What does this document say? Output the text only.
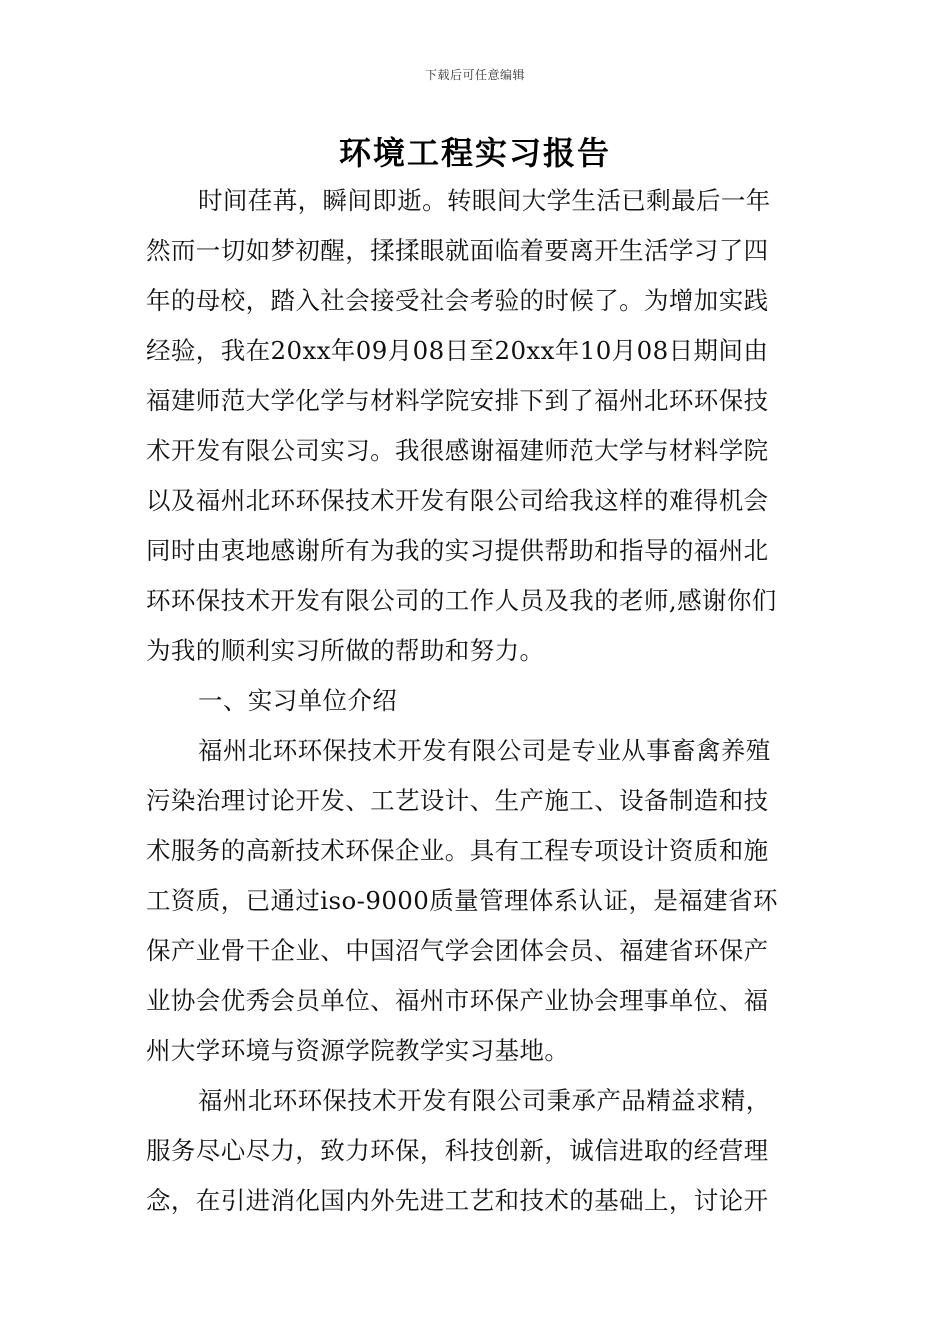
下载后可任意编辑
环境工程实习报告
时间荏苒，瞬间即逝。转眼间大学生活已剩最后一年
然而一切如梦初醒，揉揉眼就面临着要离开生活学习了四
年的母校，踏入社会接受社会考验的时候了。为增加实践
经验，我在20xx年09月08日至20xx年10月08日期间由
福建师范大学化学与材料学院安排下到了福州北环环保技
术开发有限公司实习。我很感谢福建师范大学与材料学院
以及福州北环环保技术开发有限公司给我这样的难得机会
同时由衷地感谢所有为我的实习提供帮助和指导的福州北
环环保技术开发有限公司的工作人员及我的老师,感谢你们
为我的顺利实习所做的帮助和努力。
一、实习单位介绍
福州北环环保技术开发有限公司是专业从事畜禽养殖
污染治理讨论开发、工艺设计、生产施工、设备制造和技
术服务的高新技术环保企业。具有工程专项设计资质和施
工资质，已通过iso-9000质量管理体系认证，是福建省环
保产业骨干企业、中国沼气学会团体会员、福建省环保产
业协会优秀会员单位、福州市环保产业协会理事单位、福
州大学环境与资源学院教学实习基地。
福州北环环保技术开发有限公司秉承产品精益求精，
服务尽心尽力，致力环保，科技创新，诚信进取的经营理
念，在引进消化国内外先进工艺和技术的基础上，讨论开
